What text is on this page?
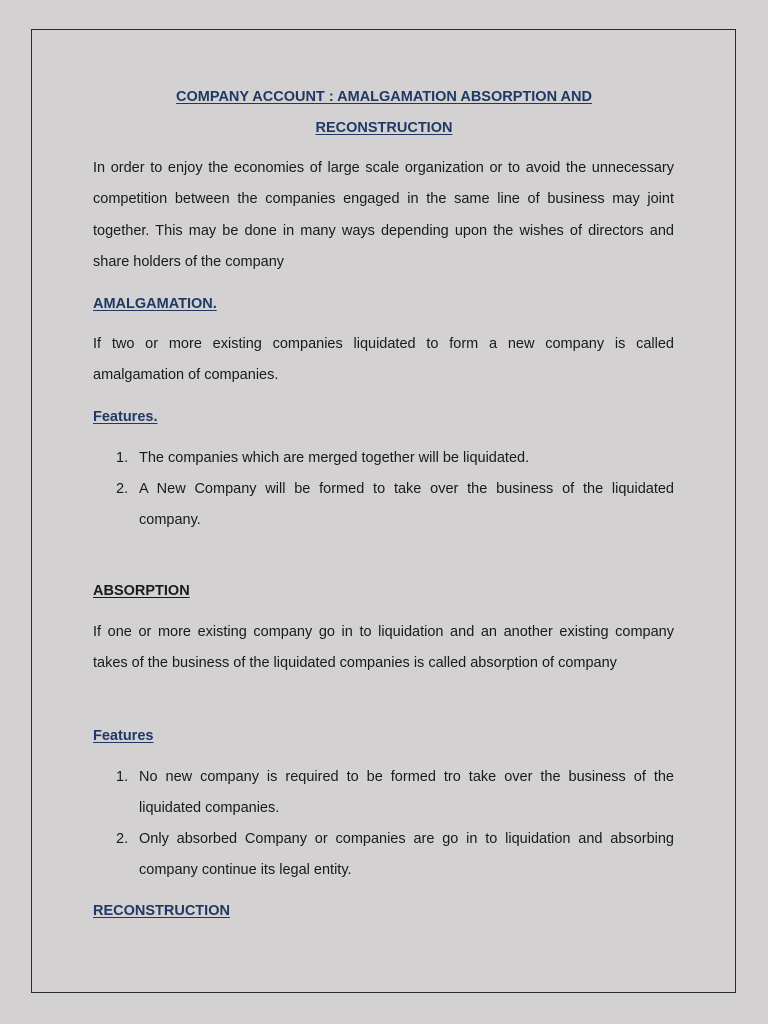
COMPANY ACCOUNT : AMALGAMATION ABSORPTION AND
RECONSTRUCTION

In order to enjoy the economies of large scale organization or to avoid the unnecessary competition between the companies engaged in the same line of business may joint together. This may be done in many ways depending upon the wishes of directors and share holders of the company

AMALGAMATION.

If two or more existing companies liquidated to form a new company is called amalgamation of companies.

Features.
1. The companies which are merged together will be liquidated.
2. A New Company will be formed to take over the business of the liquidated company.
ABSORPTION

If one or more existing company go in to liquidation and an another existing company takes of the business of the liquidated companies is called absorption of company

Features
1. No new company is required to be formed tro take over the business of the liquidated companies.
2. Only absorbed Company or companies are go in to liquidation and absorbing company continue its legal entity.
RECONSTRUCTION
